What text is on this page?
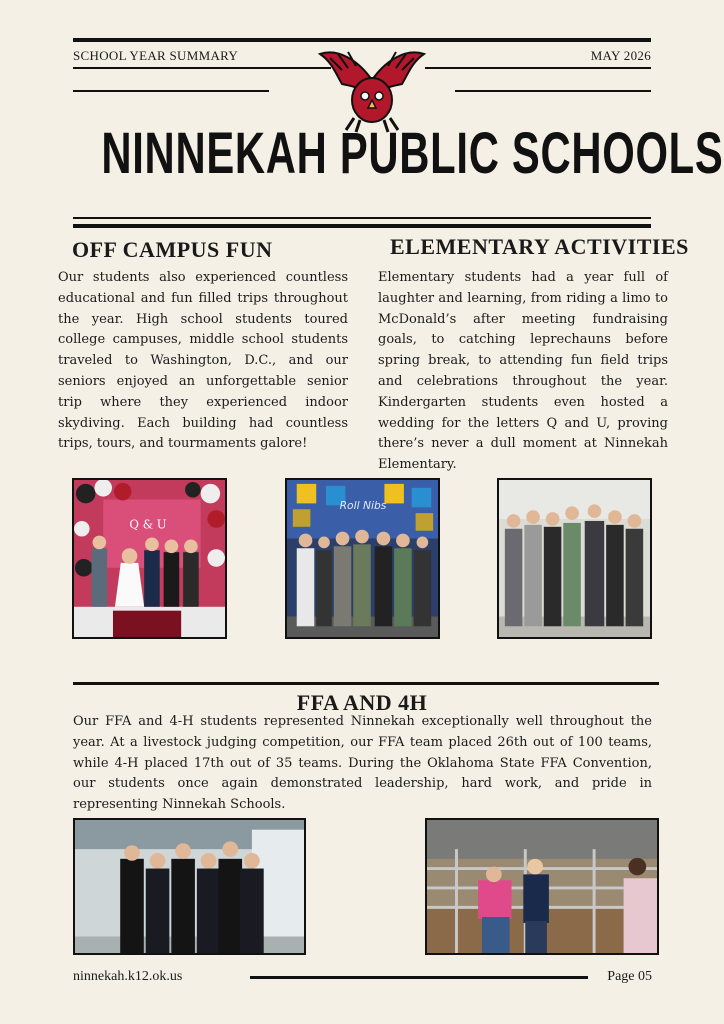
SCHOOL YEAR SUMMARY	MAY 2026
NINNEKAH PUBLIC SCHOOLS
OFF CAMPUS FUN	ELEMENTARY ACTIVITIES
Our students also experienced countless educational and fun filled trips throughout the year. High school students toured college campuses, middle school students traveled to Washington, D.C., and our seniors enjoyed an unforgettable senior trip where they experienced indoor skydiving. Each building had countless trips, tours, and tourmaments galore!
Elementary students had a year full of laughter and learning, from riding a limo to McDonald’s after meeting fundraising goals, to catching leprechauns before spring break, to attending fun field trips and celebrations throughout the year. Kindergarten students even hosted a wedding for the letters Q and U, proving there’s never a dull moment at Ninnekah Elementary.
Q & U
Roll Nibs
FFA AND 4H
Our FFA and 4-H students represented Ninnekah exceptionally well throughout the year. At a livestock judging competition, our FFA team placed 26th out of 100 teams, while 4-H placed 17th out of 35 teams. During the Oklahoma State FFA Convention, our students once again demonstrated leadership, hard work, and pride in representing Ninnekah Schools.
ninnekah.k12.ok.us	Page 05
